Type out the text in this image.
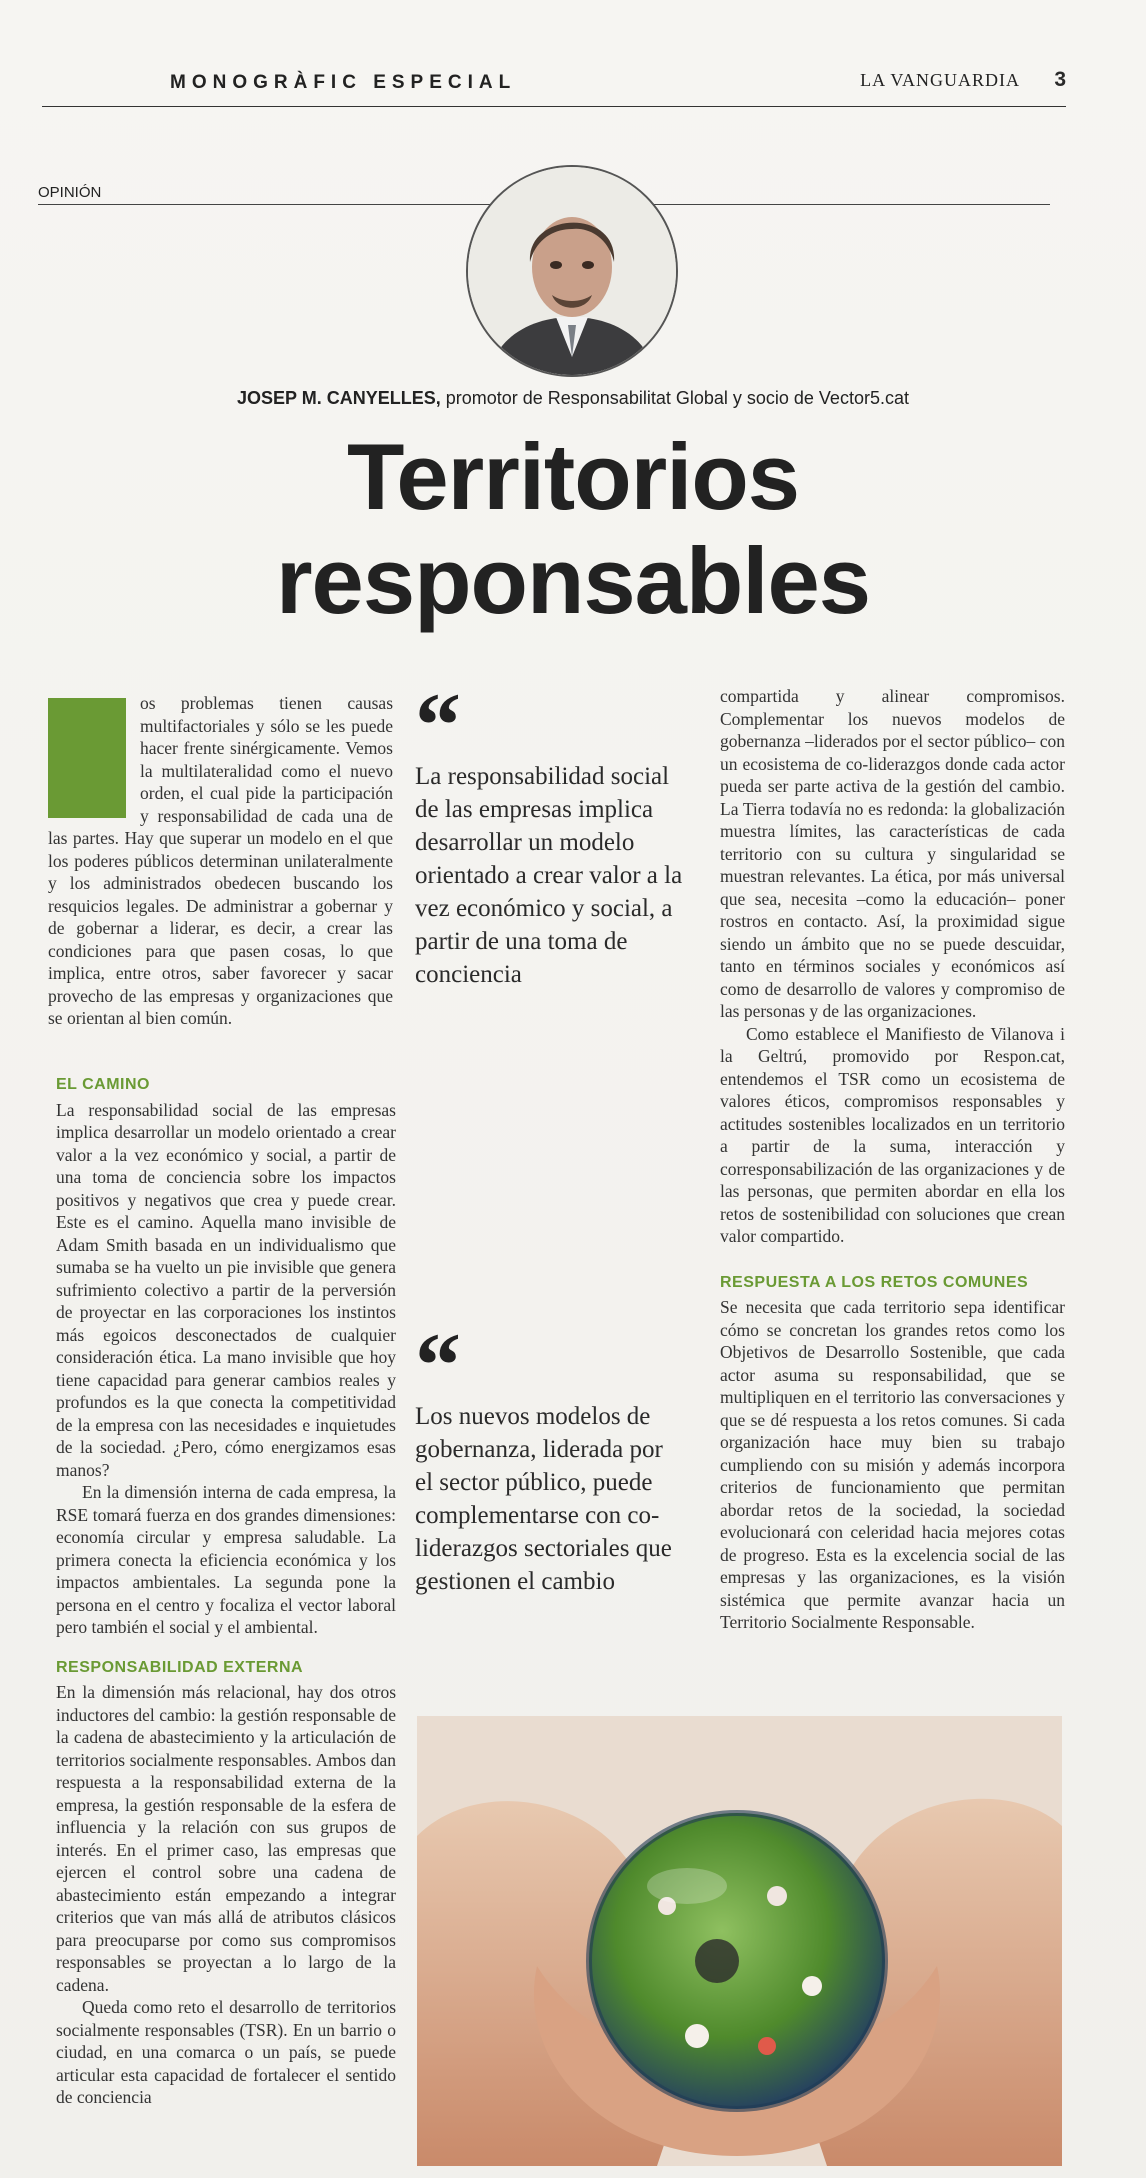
MONOGRÀFIC ESPECIAL	LA VANGUARDIA 3
OPINIÓN
JOSEP M. CANYELLES, promotor de Responsabilitat Global y socio de Vector5.cat
Territorios responsables

os problemas tienen causas multifactoriales y sólo se les puede hacer frente sinérgicamente. Vemos la multilateralidad como el nuevo orden, el cual pide la participación y responsabilidad de cada una de las partes. Hay que superar un modelo en el que los poderes públicos determinan unilateralmente y los administrados obedecen buscando los resquicios legales. De administrar a gobernar y de gobernar a liderar, es decir, a crear las condiciones para que pasen cosas, lo que implica, entre otros, saber favorecer y sacar provecho de las empresas y organizaciones que se orientan al bien común.

EL CAMINO

La responsabilidad social de las empresas implica desarrollar un modelo orientado a crear valor a la vez económico y social, a partir de una toma de conciencia sobre los impactos positivos y negativos que crea y puede crear. Este es el camino. Aquella mano invisible de Adam Smith basada en un individualismo que sumaba se ha vuelto un pie invisible que genera sufrimiento colectivo a partir de la perversión de proyectar en las corporaciones los instintos más egoicos desconectados de cualquier consideración ética. La mano invisible que hoy tiene capacidad para generar cambios reales y profundos es la que conecta la competitividad de la empresa con las necesidades e inquietudes de la sociedad. ¿Pero, cómo energizamos esas manos?

En la dimensión interna de cada empresa, la RSE tomará fuerza en dos grandes dimensiones: economía circular y empresa saludable. La primera conecta la eficiencia económica y los impactos ambientales. La segunda pone la persona en el centro y focaliza el vector laboral pero también el social y el ambiental.

RESPONSABILIDAD EXTERNA

En la dimensión más relacional, hay dos otros inductores del cambio: la gestión responsable de la cadena de abastecimiento y la articulación de territorios socialmente responsables. Ambos dan respuesta a la responsabilidad externa de la empresa, la gestión responsable de la esfera de influencia y la relación con sus grupos de interés. En el primer caso, las empresas que ejercen el control sobre una cadena de abastecimiento están empezando a integrar criterios que van más allá de atributos clásicos para preocuparse por como sus compromisos responsables se proyectan a lo largo de la cadena.

Queda como reto el desarrollo de territorios socialmente responsables (TSR). En un barrio o ciudad, en una comarca o un país, se puede articular esta capacidad de fortalecer el sentido de conciencia

“
La responsabilidad social de las empresas implica desarrollar un modelo orientado a crear valor a la vez económico y social, a partir de una toma de conciencia
“
Los nuevos modelos de gobernanza, liderada por el sector público, puede complementarse con co-liderazgos sectoriales que gestionen el cambio

compartida y alinear compromisos. Complementar los nuevos modelos de gobernanza –liderados por el sector público– con un ecosistema de co-liderazgos donde cada actor pueda ser parte activa de la gestión del cambio. La Tierra todavía no es redonda: la globalización muestra límites, las características de cada territorio con su cultura y singularidad se muestran relevantes. La ética, por más universal que sea, necesita –como la educación– poner rostros en contacto. Así, la proximidad sigue siendo un ámbito que no se puede descuidar, tanto en términos sociales y económicos así como de desarrollo de valores y compromiso de las personas y de las organizaciones.

Como establece el Manifiesto de Vilanova i la Geltrú, promovido por Respon.cat, entendemos el TSR como un ecosistema de valores éticos, compromisos responsables y actitudes sostenibles localizados en un territorio a partir de la suma, interacción y corresponsabilización de las organizaciones y de las personas, que permiten abordar en ella los retos de sostenibilidad con soluciones que crean valor compartido.

RESPUESTA A LOS RETOS COMUNES

Se necesita que cada territorio sepa identificar cómo se concretan los grandes retos como los Objetivos de Desarrollo Sostenible, que cada actor asuma su responsabilidad, que se multipliquen en el territorio las conversaciones y que se dé respuesta a los retos comunes. Si cada organización hace muy bien su trabajo cumpliendo con su misión y además incorpora criterios de funcionamiento que permitan abordar retos de la sociedad, la sociedad evolucionará con celeridad hacia mejores cotas de progreso. Esta es la excelencia social de las empresas y las organizaciones, es la visión sistémica que permite avanzar hacia un Territorio Socialmente Responsable.
